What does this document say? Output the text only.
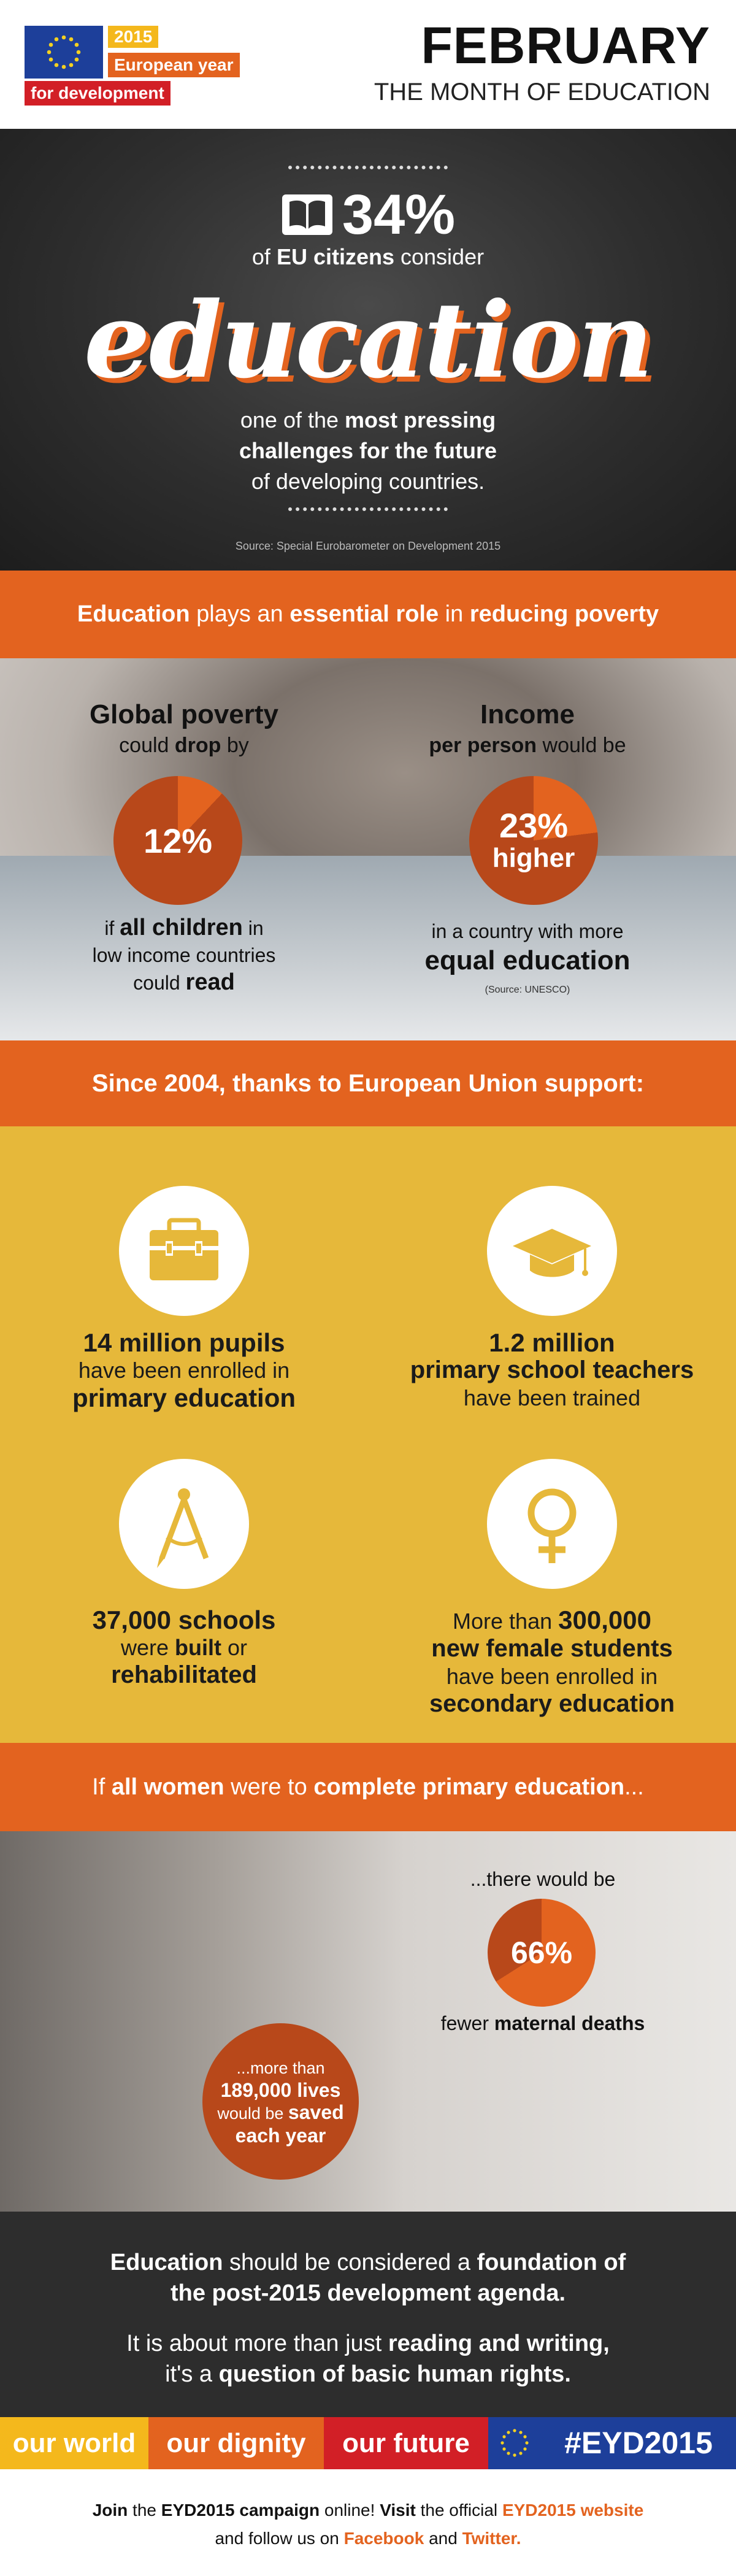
2015
European year
for development
FEBRUARY
THE MONTH OF EDUCATION
34%
of EU citizens consider
education
one of the most pressing
challenges for the future
of developing countries.
Source: Special Eurobarometer on Development 2015
Education plays an essential role in reducing poverty
Global poverty
could drop by
12%
if all children in
low income countries
could read
Income
per person would be
23%
higher
in a country with more
equal education
(Source: UNESCO)
Since 2004, thanks to European Union support:
14 million pupils
have been enrolled in
primary education
1.2 million
primary school teachers
have been trained
37,000 schools
were built or
rehabilitated
More than 300,000
new female students
have been enrolled in
secondary education
If all women were to complete primary education...
...there would be
66%
fewer maternal deaths
...more than
189,000 lives
would be saved
each year
Education should be considered a foundation of
the post-2015 development agenda.
It is about more than just reading and writing,
it's a question of basic human rights.
our world	our dignity	our future	#EYD2015
Join the EYD2015 campaign online! Visit the official EYD2015 website
and follow us on Facebook and Twitter.
